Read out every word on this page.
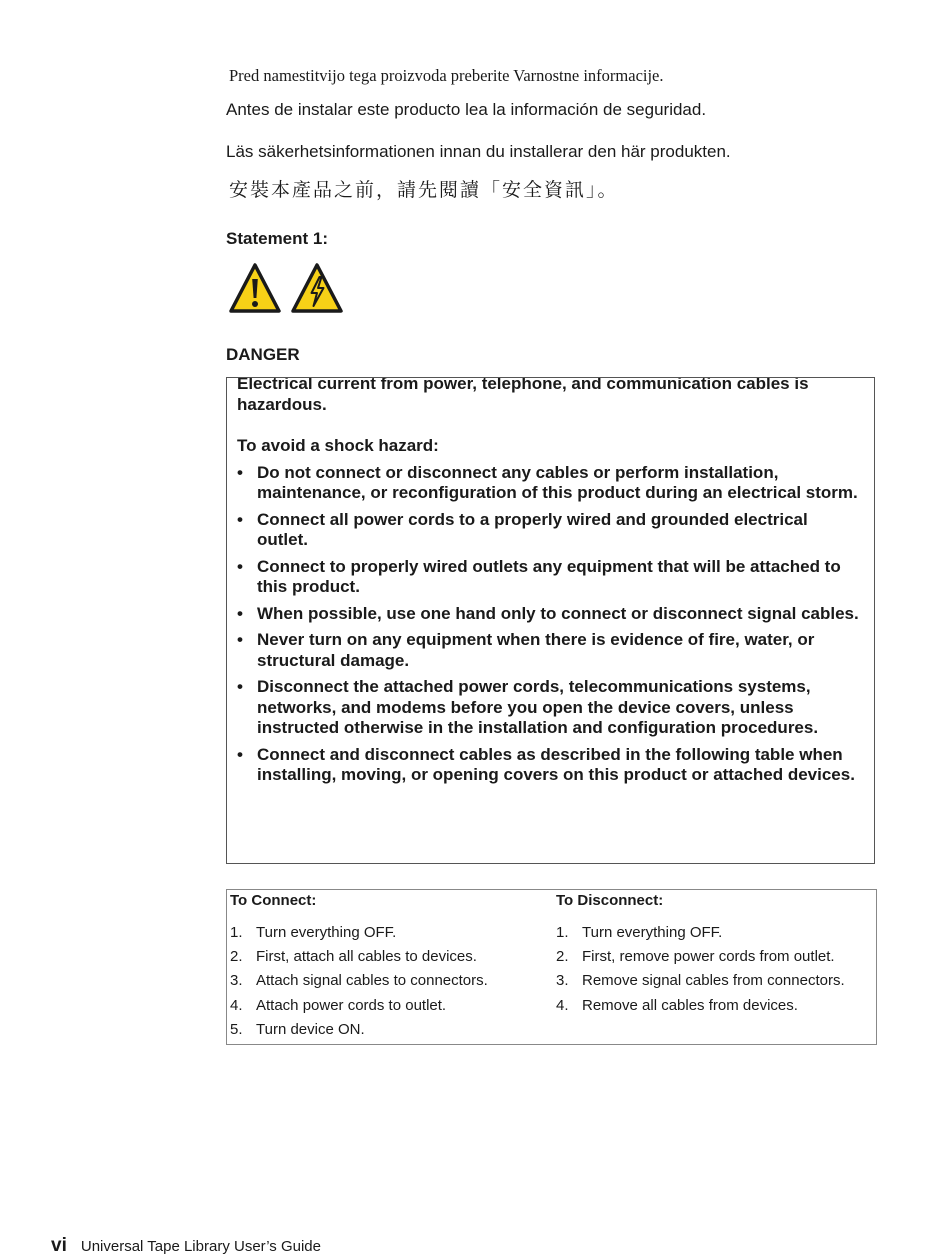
Pred namestitvijo tega proizvoda preberite Varnostne informacije.
Antes de instalar este producto lea la información de seguridad.
Läs säkerhetsinformationen innan du installerar den här produkten.
安裝本產品之前，請先閱讀「安全資訊」。
Statement 1:
DANGER

Electrical current from power, telephone, and communication cables is hazardous.

To avoid a shock hazard:

• Do not connect or disconnect any cables or perform installation, maintenance, or reconfiguration of this product during an electrical storm.
• Connect all power cords to a properly wired and grounded electrical outlet.
• Connect to properly wired outlets any equipment that will be attached to this product.
• When possible, use one hand only to connect or disconnect signal cables.
• Never turn on any equipment when there is evidence of fire, water, or structural damage.
• Disconnect the attached power cords, telecommunications systems, networks, and modems before you open the device covers, unless instructed otherwise in the installation and configuration procedures.
• Connect and disconnect cables as described in the following table when installing, moving, or opening covers on this product or attached devices.
To Connect:
1. Turn everything OFF.
2. First, attach all cables to devices.
3. Attach signal cables to connectors.
4. Attach power cords to outlet.
5. Turn device ON.
To Disconnect:
1. Turn everything OFF.
2. First, remove power cords from outlet.
3. Remove signal cables from connectors.
4. Remove all cables from devices.
vi Universal Tape Library User’s Guide
